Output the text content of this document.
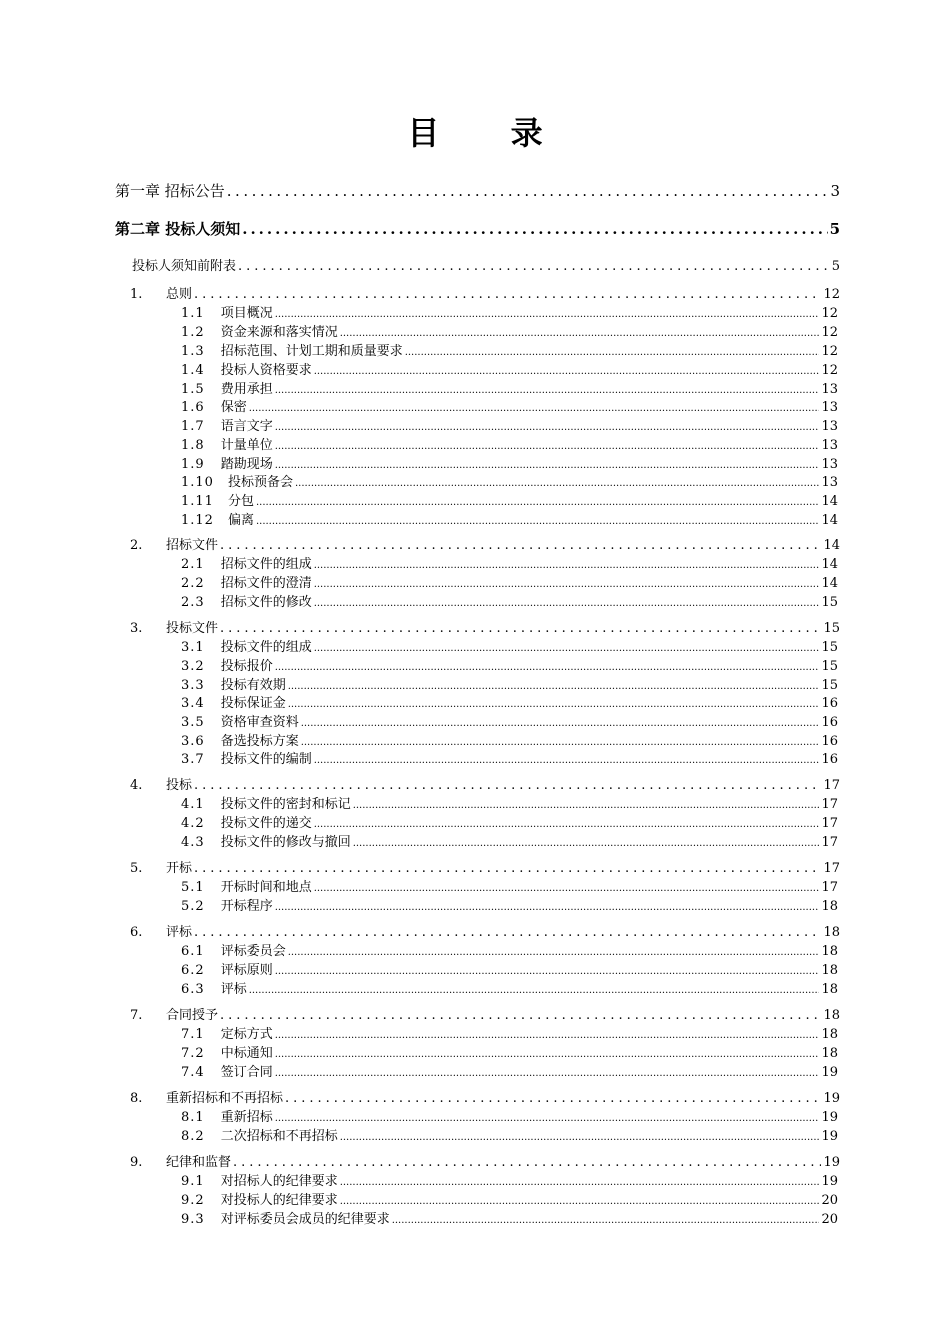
目 录
第一章 招标公告 .....	3
第二章 投标人须知 .....	5
投标人须知前附表 .....	5
1. 总则 .....	12
1.1 项目概况 .....	12
1.2 资金来源和落实情况 .....	12
1.3 招标范围、计划工期和质量要求 .....	12
1.4 投标人资格要求 .....	12
1.5 费用承担 .....	13
1.6 保密 .....	13
1.7 语言文字 .....	13
1.8 计量单位 .....	13
1.9 踏勘现场 .....	13
1.10 投标预备会 .....	13
1.11 分包 .....	14
1.12 偏离 .....	14
2. 招标文件 .....	14
2.1 招标文件的组成 .....	14
2.2 招标文件的澄清 .....	14
2.3 招标文件的修改 .....	15
3. 投标文件 .....	15
3.1 投标文件的组成 .....	15
3.2 投标报价 .....	15
3.3 投标有效期 .....	15
3.4 投标保证金 .....	16
3.5 资格审查资料 .....	16
3.6 备选投标方案 .....	16
3.7 投标文件的编制 .....	16
4. 投标 .....	17
4.1 投标文件的密封和标记 .....	17
4.2 投标文件的递交 .....	17
4.3 投标文件的修改与撤回 .....	17
5. 开标 .....	17
5.1 开标时间和地点 .....	17
5.2 开标程序 .....	18
6. 评标 .....	18
6.1 评标委员会 .....	18
6.2 评标原则 .....	18
6.3 评标 .....	18
7. 合同授予 .....	18
7.1 定标方式 .....	18
7.2 中标通知 .....	18
7.4 签订合同 .....	19
8. 重新招标和不再招标 .....	19
8.1 重新招标 .....	19
8.2 二次招标和不再招标 .....	19
9. 纪律和监督 .....	19
9.1 对招标人的纪律要求 .....	19
9.2 对投标人的纪律要求 .....	20
9.3 对评标委员会成员的纪律要求 .....	20
